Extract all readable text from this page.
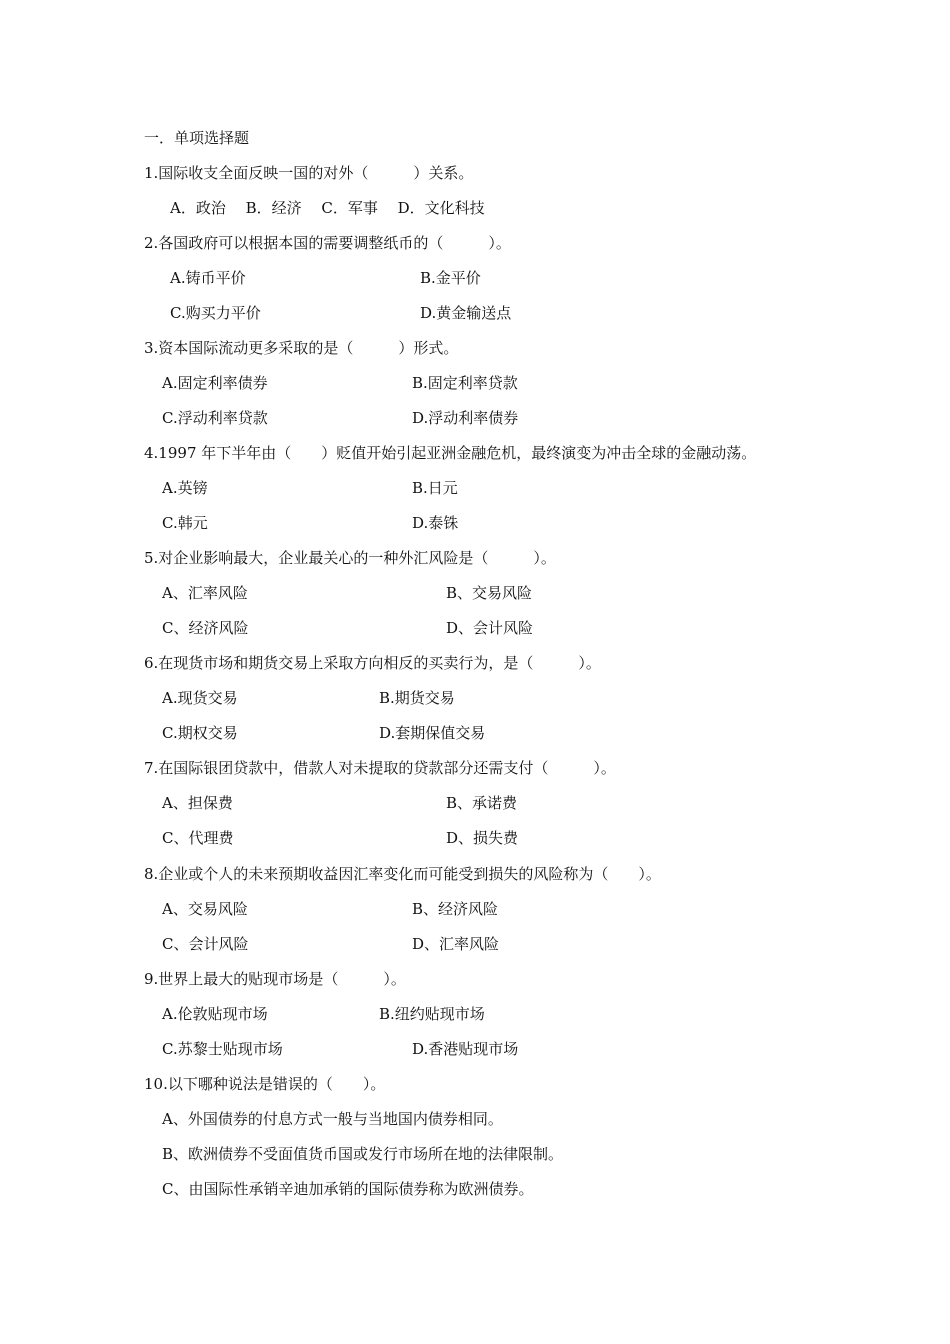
一．单项选择题
1.国际收支全面反映一国的对外（　　　）关系。
A．政治　 B．经济　 C．军事　 D．文化科技
2.各国政府可以根据本国的需要调整纸币的（　　　）。
A.铸币平价	B.金平价
C.购买力平价	D.黄金输送点
3.资本国际流动更多采取的是（　　　）形式。
A.固定利率债券	B.固定利率贷款
C.浮动利率贷款	D.浮动利率债券
4.1997 年下半年由（　　）贬值开始引起亚洲金融危机，最终演变为冲击全球的金融动荡。
A.英镑	B.日元
C.韩元	D.泰铢
5.对企业影响最大，企业最关心的一种外汇风险是（　　　）。
A、汇率风险	B、交易风险
C、经济风险	D、会计风险
6.在现货市场和期货交易上采取方向相反的买卖行为，是（　　　）。
A.现货交易	B.期货交易
C.期权交易	D.套期保值交易
7.在国际银团贷款中，借款人对未提取的贷款部分还需支付（　　　）。
A、担保费	B、承诺费
C、代理费	D、损失费
8.企业或个人的未来预期收益因汇率变化而可能受到损失的风险称为（　　）。
A、交易风险	B、经济风险
C、会计风险	D、汇率风险
9.世界上最大的贴现市场是（　　　）。
A.伦敦贴现市场	B.纽约贴现市场
C.苏黎士贴现市场	D.香港贴现市场
10.以下哪种说法是错误的（　　）。
A、外国债券的付息方式一般与当地国内债券相同。
B、欧洲债券不受面值货币国或发行市场所在地的法律限制。
C、由国际性承销辛迪加承销的国际债券称为欧洲债券。
